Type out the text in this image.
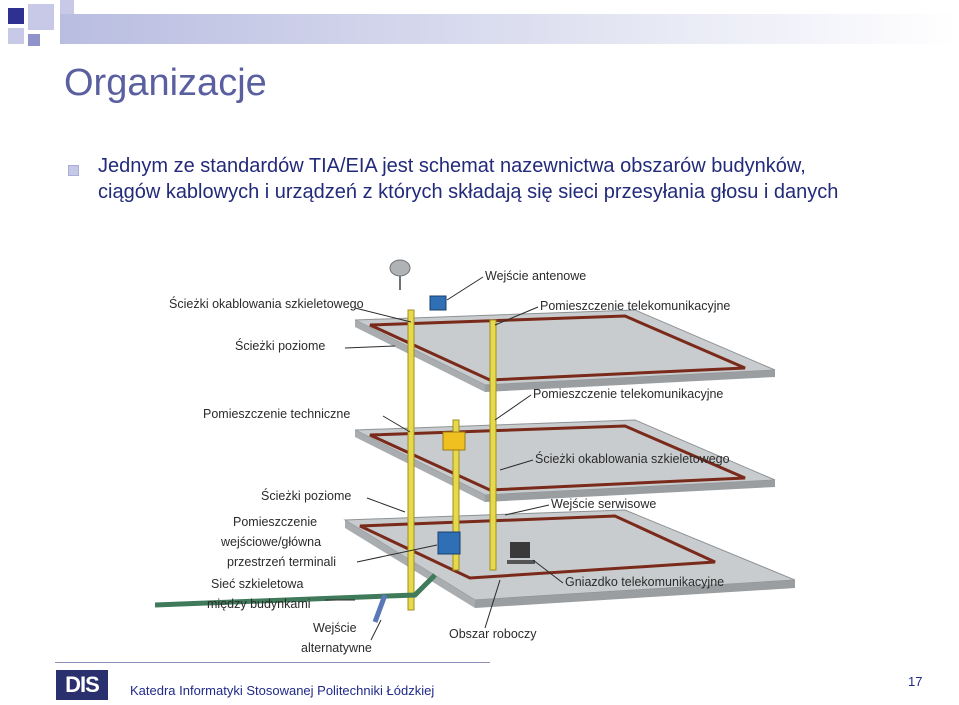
Organizacje
Jednym ze standardów TIA/EIA jest schemat nazewnictwa obszarów budynków,
ciągów kablowych i urządzeń z których składają się sieci przesyłania głosu i danych
Wejście antenowe
Ścieżki okablowania szkieletowego	Pomieszczenie telekomunikacyjne
Ścieżki poziome
Pomieszczenie telekomunikacyjne
Pomieszczenie techniczne
Ścieżki okablowania szkieletowego
Ścieżki poziome
Wejście serwisowe
Pomieszczenie
wejściowe/główna
przestrzeń terminali
Sieć szkieletowa
między budynkami
Gniazdko telekomunikacyjne
Wejście
alternatywne
Obszar roboczy
DIS	Katedra Informatyki Stosowanej Politechniki Łódzkiej
17
